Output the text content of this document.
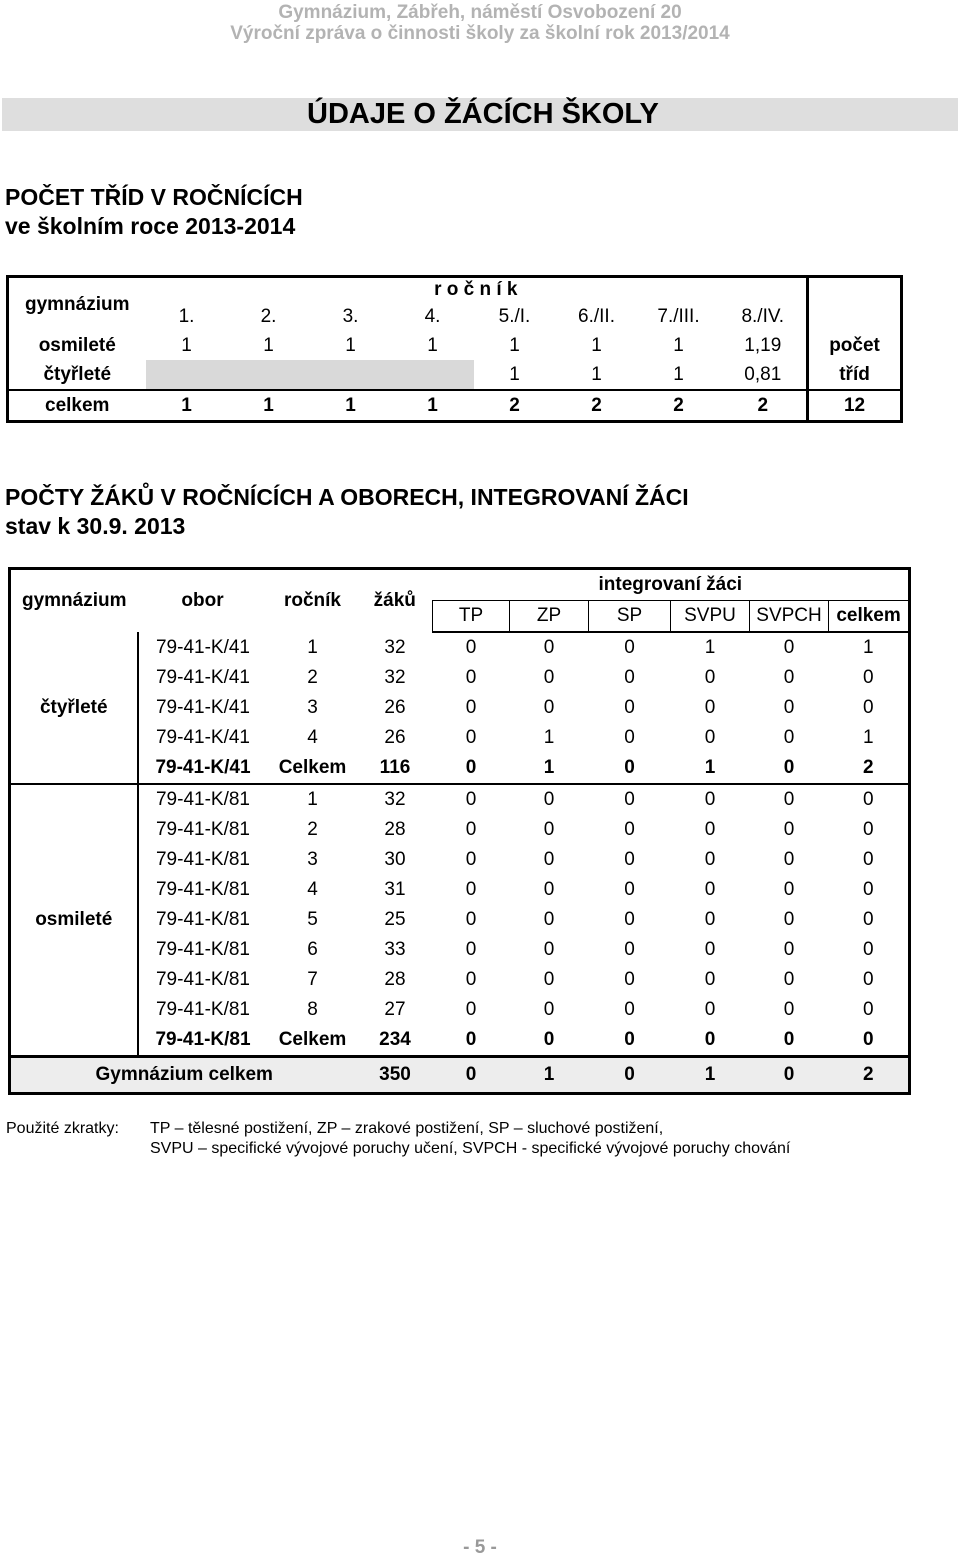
Gymnázium, Zábřeh, náměstí Osvobození 20
Výroční zpráva o činnosti školy za školní rok 2013/2014
ÚDAJE O ŽÁCÍCH ŠKOLY
POČET TŘÍD V ROČNÍCÍCH
ve školním roce 2013-2014
gymnázium	r o č n í k								
	1.	2.	3.	4.	5./I.	6./II.	7./III.	8./IV.	
osmileté	1	1	1	1	1	1	1	1,19	počet
čtyřleté					1	1	1	0,81	tříd
celkem	1	1	1	1	2	2	2	2	12
POČTY ŽÁKŮ V ROČNÍCÍCH A OBORECH, INTEGROVANÍ ŽÁCI
stav k 30.9. 2013
gymnázium	obor	ročník	žáků	integrovaní žáci					
				TP	ZP	SP	SVPU	SVPCH	celkem
čtyřleté	79-41-K/41	1	32	0	0	0	1	0	1
	79-41-K/41	2	32	0	0	0	0	0	0
	79-41-K/41	3	26	0	0	0	0	0	0
	79-41-K/41	4	26	0	1	0	0	0	1
	79-41-K/41	Celkem	116	0	1	0	1	0	2
osmileté	79-41-K/81	1	32	0	0	0	0	0	0
	79-41-K/81	2	28	0	0	0	0	0	0
	79-41-K/81	3	30	0	0	0	0	0	0
	79-41-K/81	4	31	0	0	0	0	0	0
	79-41-K/81	5	25	0	0	0	0	0	0
	79-41-K/81	6	33	0	0	0	0	0	0
	79-41-K/81	7	28	0	0	0	0	0	0
	79-41-K/81	8	27	0	0	0	0	0	0
	79-41-K/81	Celkem	234	0	0	0	0	0	0
Gymnázium celkem			350	0	1	0	1	0	2
Použité zkratky: TP – tělesné postižení, ZP – zrakové postižení, SP – sluchové postižení,
SVPU – specifické vývojové poruchy učení, SVPCH - specifické vývojové poruchy chování
- 5 -
